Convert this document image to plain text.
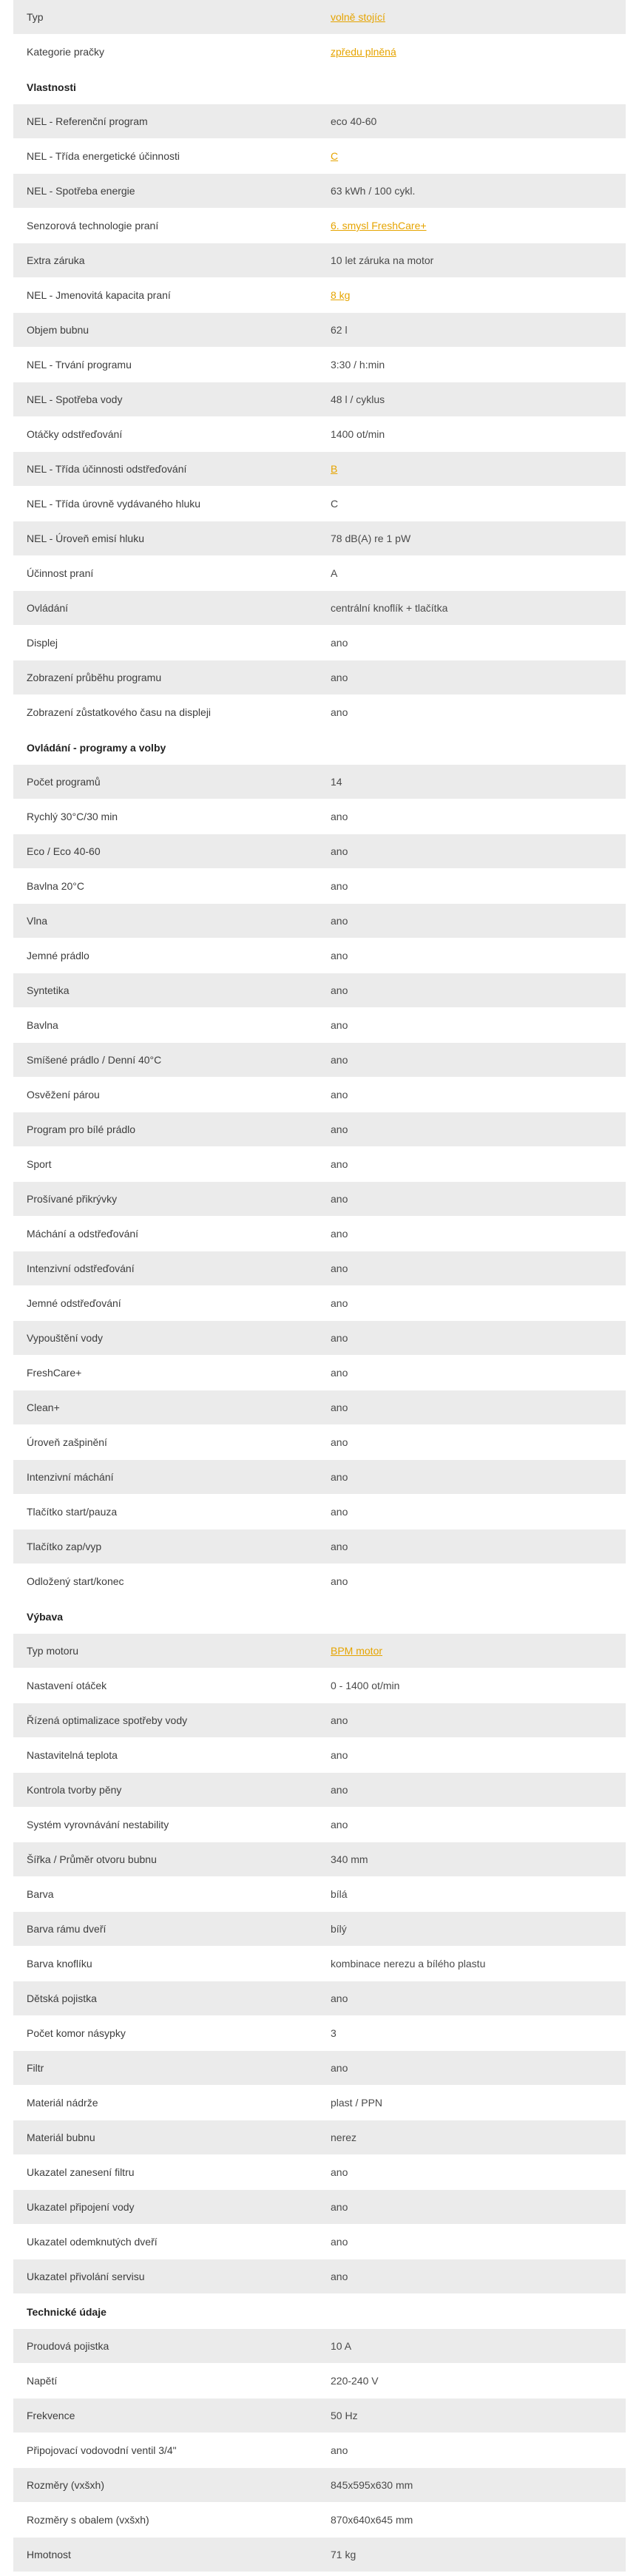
Typ	volně stojící
Kategorie pračky	zpředu plněná
Vlastnosti
NEL - Referenční program	eco 40-60
NEL - Třída energetické účinnosti	C
NEL - Spotřeba energie	63 kWh / 100 cykl.
Senzorová technologie praní	6. smysl FreshCare+
Extra záruka	10 let záruka na motor
NEL - Jmenovitá kapacita praní	8 kg
Objem bubnu	62 l
NEL - Trvání programu	3:30 / h:min
NEL - Spotřeba vody	48 l / cyklus
Otáčky odstřeďování	1400 ot/min
NEL - Třída účinnosti odstřeďování	B
NEL - Třída úrovně vydávaného hluku	C
NEL - Úroveň emisí hluku	78 dB(A) re 1 pW
Účinnost praní	A
Ovládání	centrální knoflík + tlačítka
Displej	ano
Zobrazení průběhu programu	ano
Zobrazení zůstatkového času na displeji	ano
Ovládání - programy a volby
Počet programů	14
Rychlý 30°C/30 min	ano
Eco / Eco 40-60	ano
Bavlna 20°C	ano
Vlna	ano
Jemné prádlo	ano
Syntetika	ano
Bavlna	ano
Smíšené prádlo / Denní 40°C	ano
Osvěžení párou	ano
Program pro bílé prádlo	ano
Sport	ano
Prošívané přikrývky	ano
Máchání a odstřeďování	ano
Intenzivní odstřeďování	ano
Jemné odstřeďování	ano
Vypouštění vody	ano
FreshCare+	ano
Clean+	ano
Úroveň zašpinění	ano
Intenzivní máchání	ano
Tlačítko start/pauza	ano
Tlačítko zap/vyp	ano
Odložený start/konec	ano
Výbava
Typ motoru	BPM motor
Nastavení otáček	0 - 1400 ot/min
Řízená optimalizace spotřeby vody	ano
Nastavitelná teplota	ano
Kontrola tvorby pěny	ano
Systém vyrovnávání nestability	ano
Šířka / Průměr otvoru bubnu	340 mm
Barva	bílá
Barva rámu dveří	bílý
Barva knoflíku	kombinace nerezu a bílého plastu
Dětská pojistka	ano
Počet komor násypky	3
Filtr	ano
Materiál nádrže	plast / PPN
Materiál bubnu	nerez
Ukazatel zanesení filtru	ano
Ukazatel připojení vody	ano
Ukazatel odemknutých dveří	ano
Ukazatel přivolání servisu	ano
Technické údaje
Proudová pojistka	10 A
Napětí	220-240 V
Frekvence	50 Hz
Připojovací vodovodní ventil 3/4"	ano
Rozměry (vxšxh)	845x595x630 mm
Rozměry s obalem (vxšxh)	870x640x645 mm
Hmotnost	71 kg
